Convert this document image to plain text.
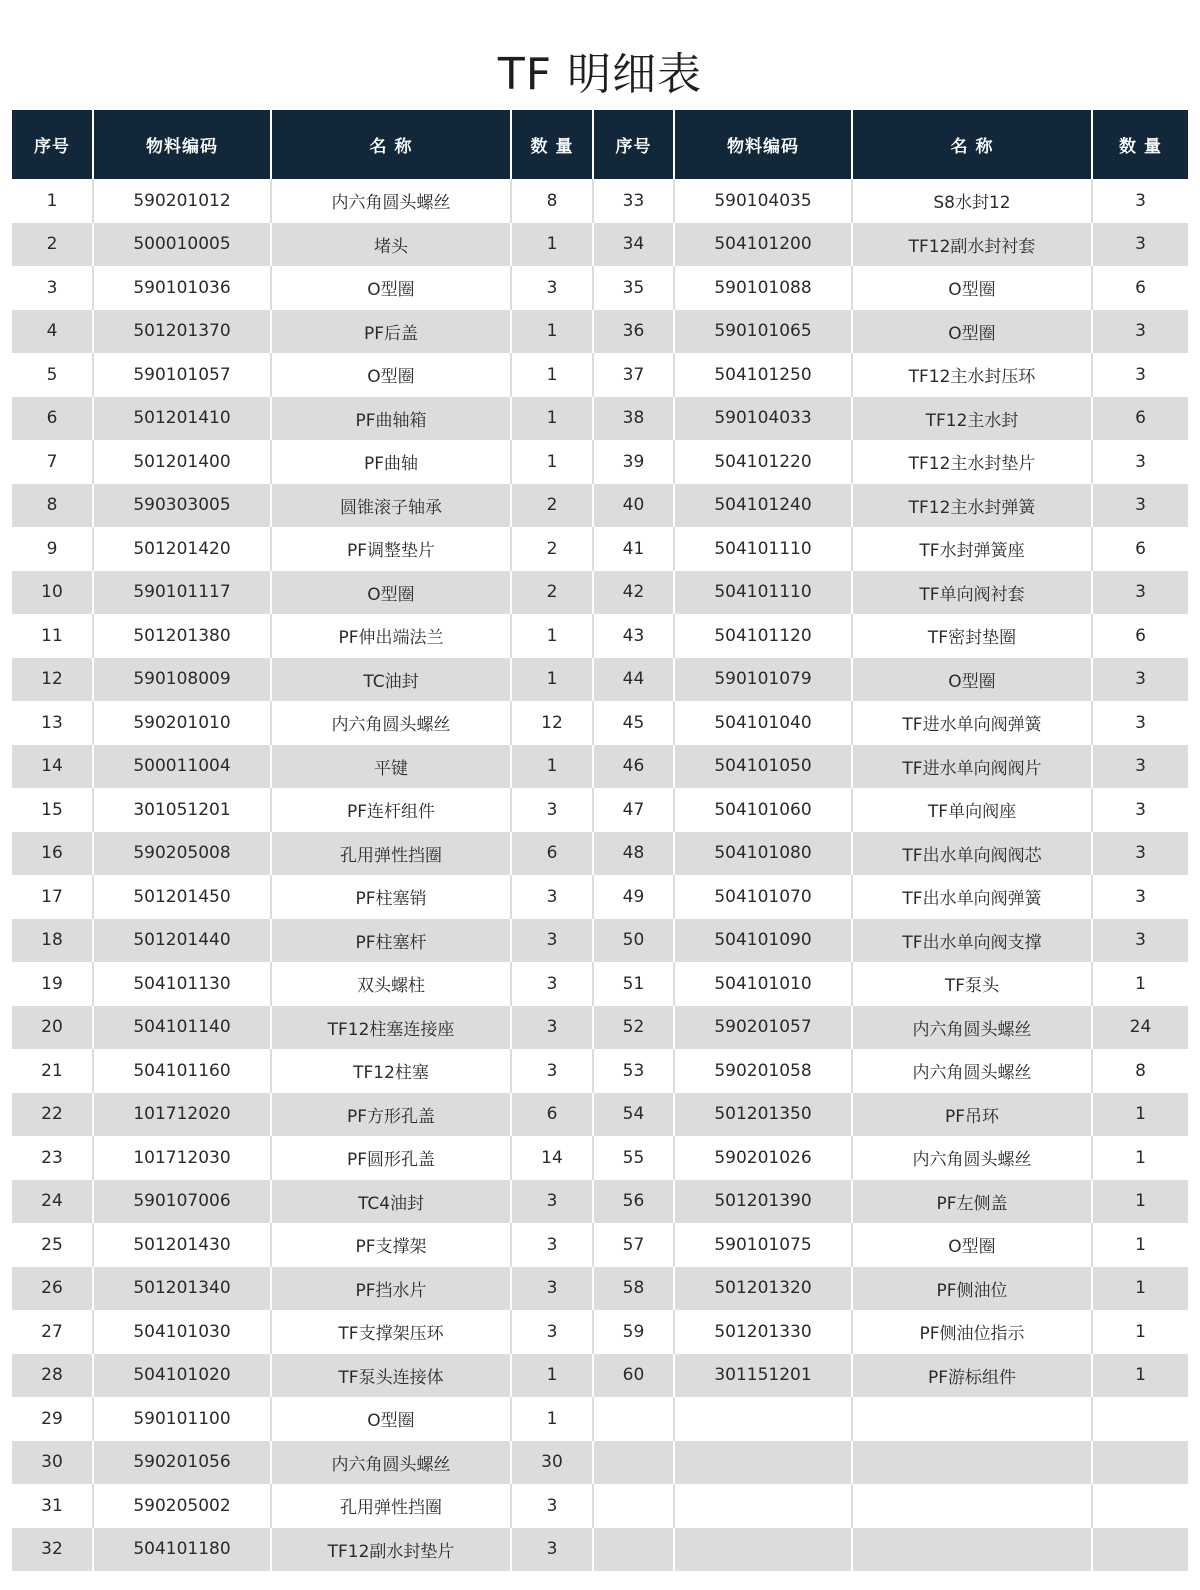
TF 明细表
序号	物料编码	名 称	数 量	序号	物料编码	名 称	数 量
1	590201012	内六角圆头螺丝	8	33	590104035	S8水封12	3
2	500010005	堵头	1	34	504101200	TF12副水封衬套	3
3	590101036	O型圈	3	35	590101088	O型圈	6
4	501201370	PF后盖	1	36	590101065	O型圈	3
5	590101057	O型圈	1	37	504101250	TF12主水封压环	3
6	501201410	PF曲轴箱	1	38	590104033	TF12主水封	6
7	501201400	PF曲轴	1	39	504101220	TF12主水封垫片	3
8	590303005	圆锥滚子轴承	2	40	504101240	TF12主水封弹簧	3
9	501201420	PF调整垫片	2	41	504101110	TF水封弹簧座	6
10	590101117	O型圈	2	42	504101110	TF单向阀衬套	3
11	501201380	PF伸出端法兰	1	43	504101120	TF密封垫圈	6
12	590108009	TC油封	1	44	590101079	O型圈	3
13	590201010	内六角圆头螺丝	12	45	504101040	TF进水单向阀弹簧	3
14	500011004	平键	1	46	504101050	TF进水单向阀阀片	3
15	301051201	PF连杆组件	3	47	504101060	TF单向阀座	3
16	590205008	孔用弹性挡圈	6	48	504101080	TF出水单向阀阀芯	3
17	501201450	PF柱塞销	3	49	504101070	TF出水单向阀弹簧	3
18	501201440	PF柱塞杆	3	50	504101090	TF出水单向阀支撑	3
19	504101130	双头螺柱	3	51	504101010	TF泵头	1
20	504101140	TF12柱塞连接座	3	52	590201057	内六角圆头螺丝	24
21	504101160	TF12柱塞	3	53	590201058	内六角圆头螺丝	8
22	101712020	PF方形孔盖	6	54	501201350	PF吊环	1
23	101712030	PF圆形孔盖	14	55	590201026	内六角圆头螺丝	1
24	590107006	TC4油封	3	56	501201390	PF左侧盖	1
25	501201430	PF支撑架	3	57	590101075	O型圈	1
26	501201340	PF挡水片	3	58	501201320	PF侧油位	1
27	504101030	TF支撑架压环	3	59	501201330	PF侧油位指示	1
28	504101020	TF泵头连接体	1	60	301151201	PF游标组件	1
29	590101100	O型圈	1				
30	590201056	内六角圆头螺丝	30				
31	590205002	孔用弹性挡圈	3				
32	504101180	TF12副水封垫片	3				
